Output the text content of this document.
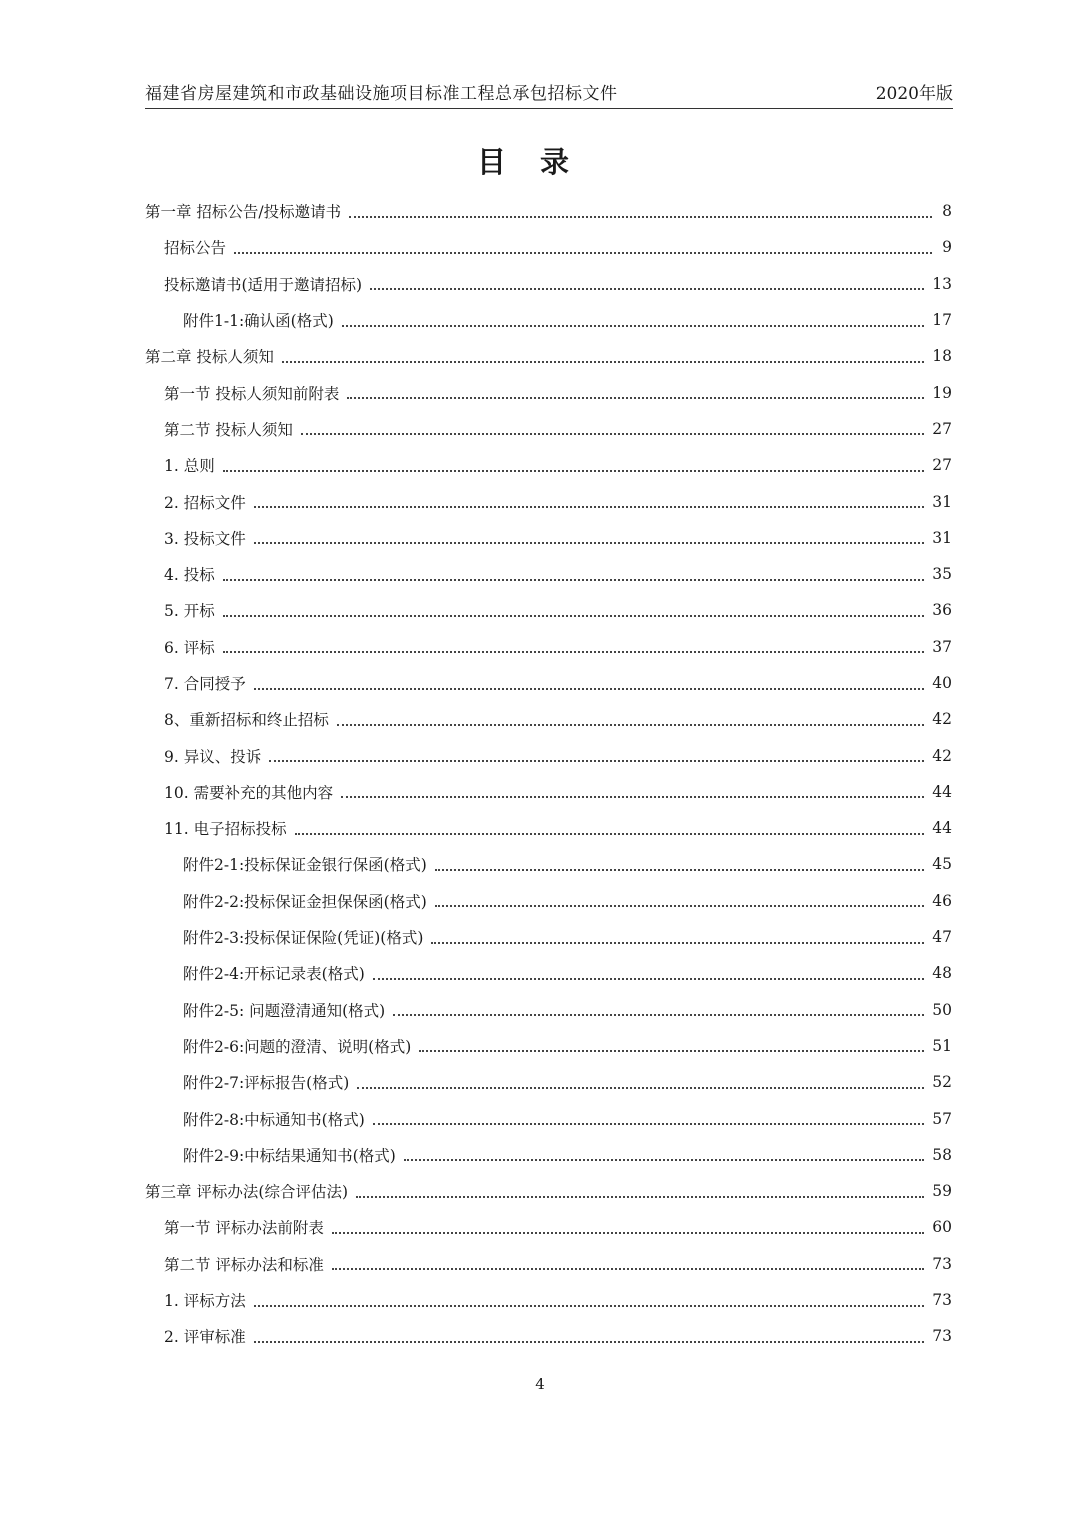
福建省房屋建筑和市政基础设施项目标准工程总承包招标文件	2020年版
目录
第一章 招标公告/投标邀请书	8
招标公告	9
投标邀请书(适用于邀请招标)	13
附件1-1:确认函(格式)	17
第二章 投标人须知	18
第一节 投标人须知前附表	19
第二节 投标人须知	27
1. 总则	27
2. 招标文件	31
3. 投标文件	31
4. 投标	35
5. 开标	36
6. 评标	37
7. 合同授予	40
8、重新招标和终止招标	42
9. 异议、投诉	42
10. 需要补充的其他内容	44
11. 电子招标投标	44
附件2-1:投标保证金银行保函(格式)	45
附件2-2:投标保证金担保保函(格式)	46
附件2-3:投标保证保险(凭证)(格式)	47
附件2-4:开标记录表(格式)	48
附件2-5: 问题澄清通知(格式)	50
附件2-6:问题的澄清、说明(格式)	51
附件2-7:评标报告(格式)	52
附件2-8:中标通知书(格式)	57
附件2-9:中标结果通知书(格式)	58
第三章 评标办法(综合评估法)	59
第一节 评标办法前附表	60
第二节 评标办法和标准	73
1. 评标方法	73
2. 评审标准	73
4
